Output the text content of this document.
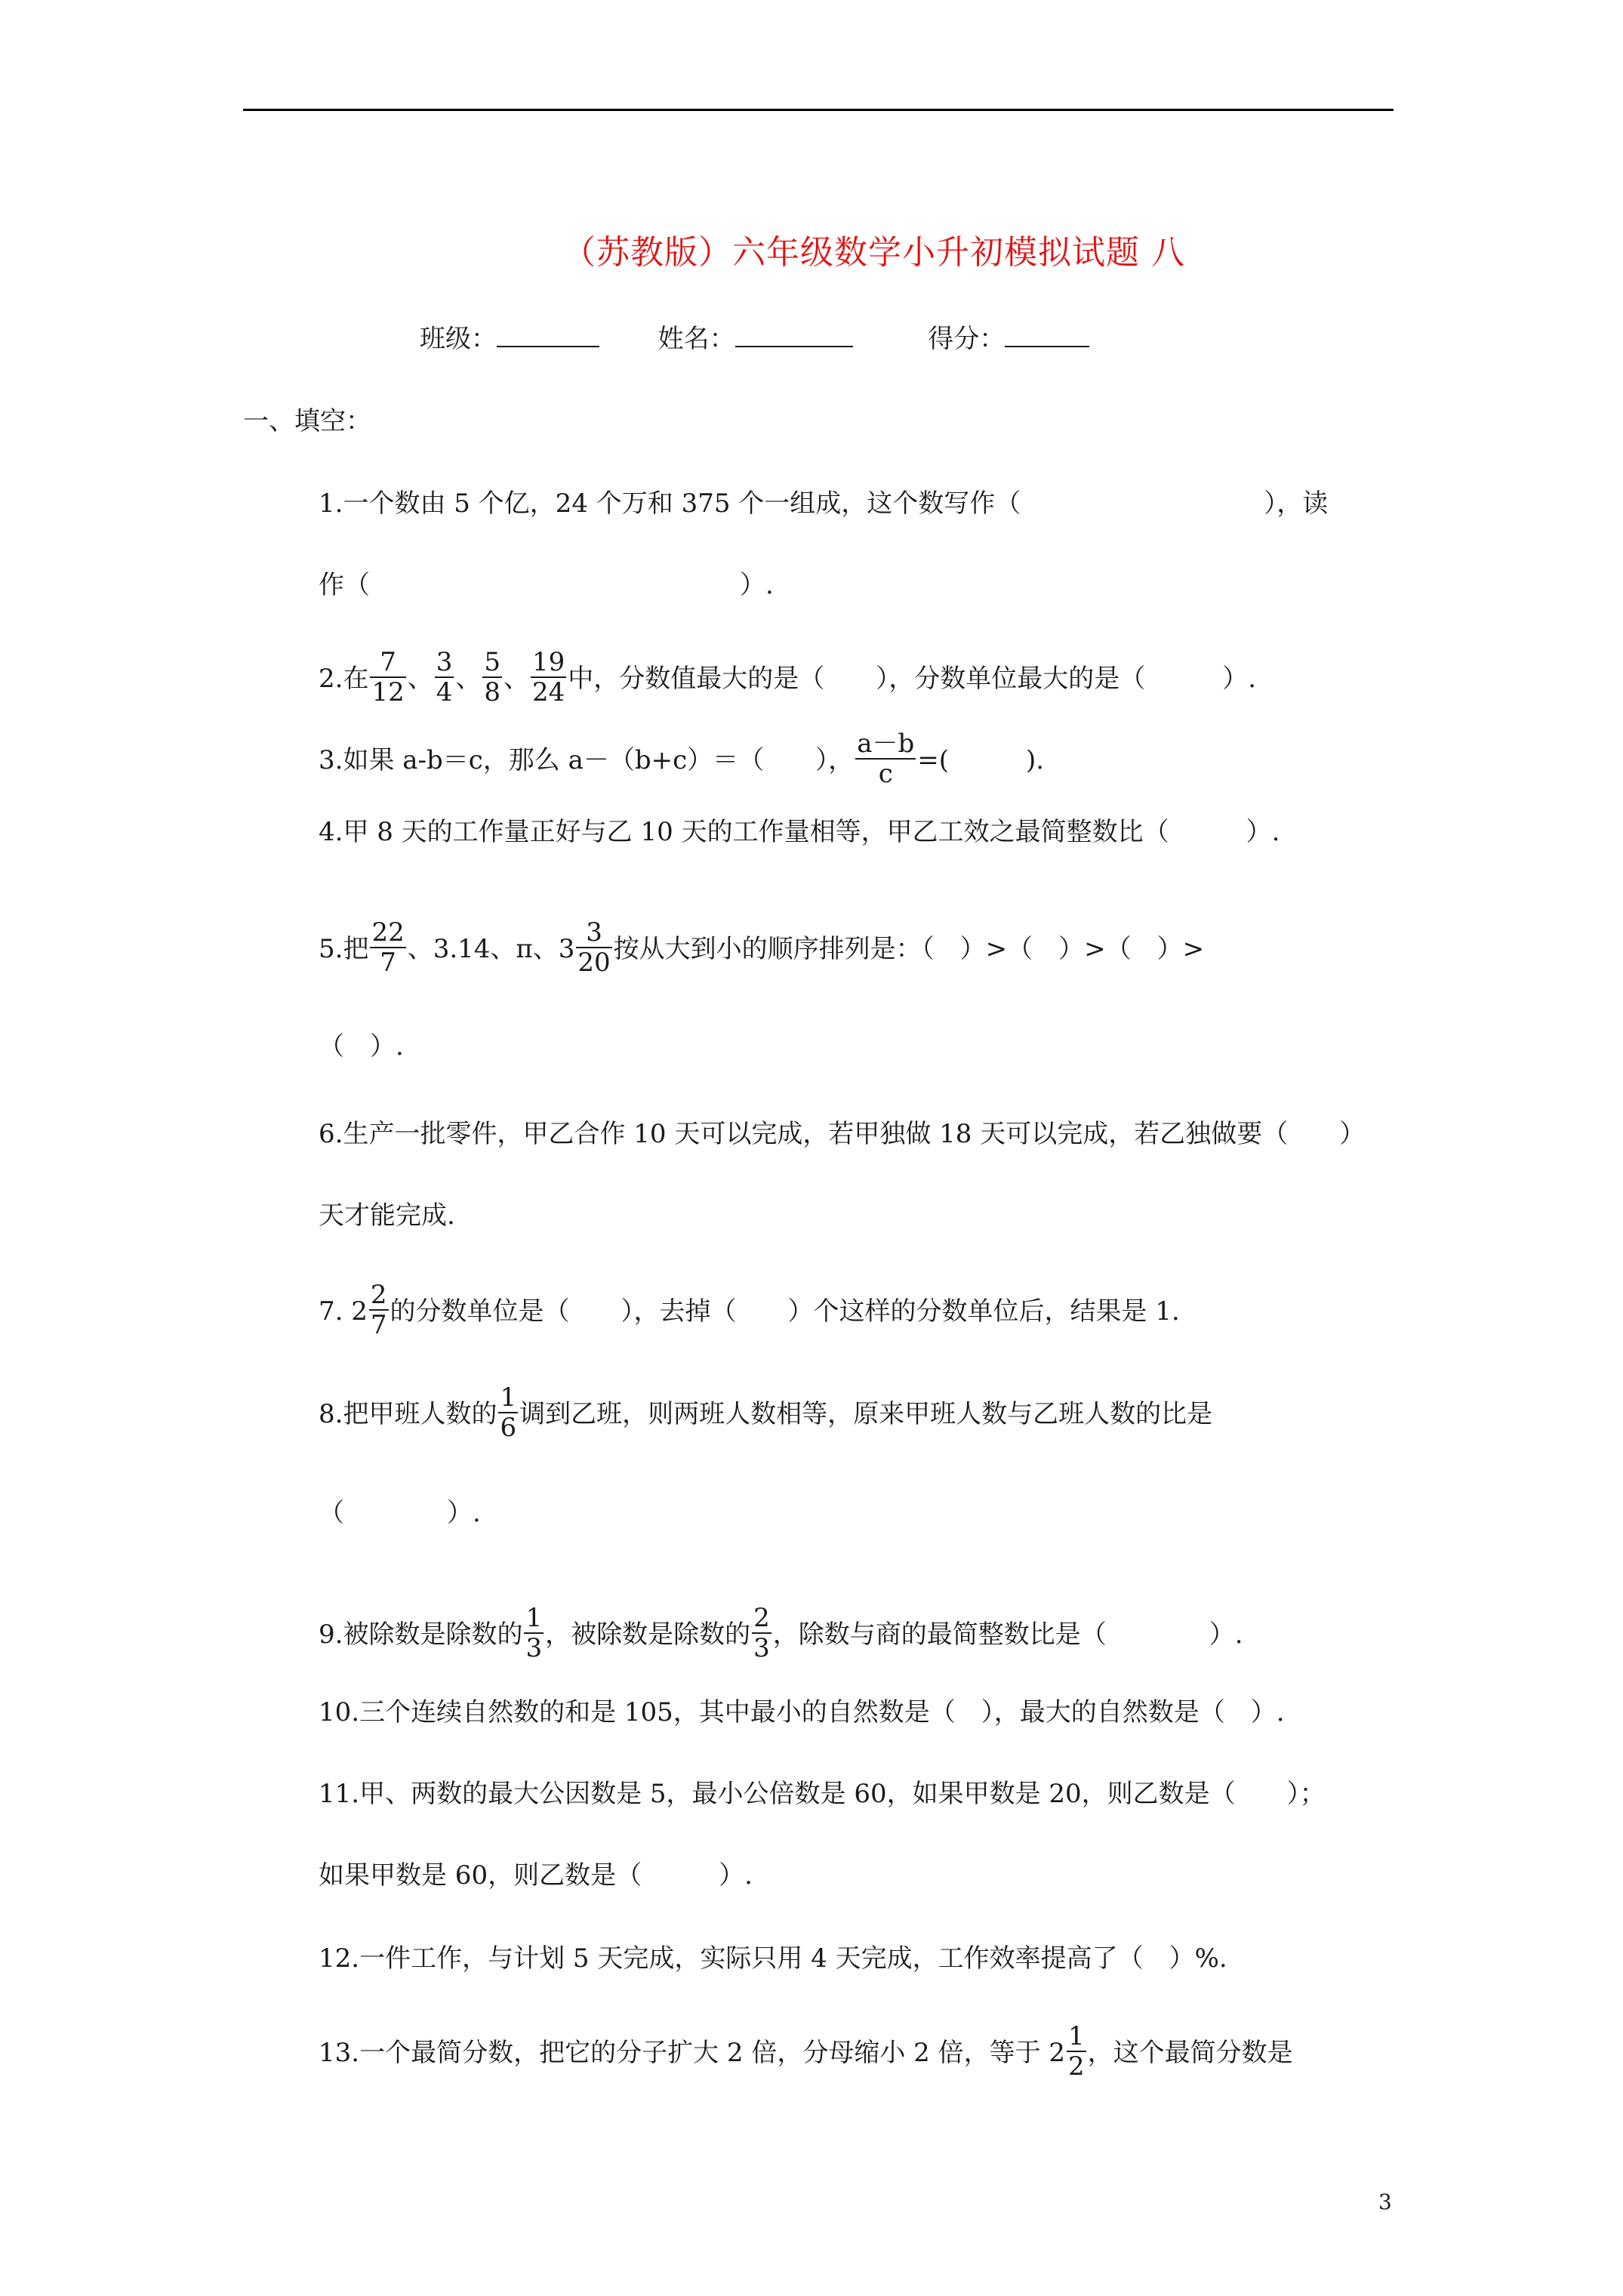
（苏教版）六年级数学小升初模拟试题 八
班级：	姓名：	得分：
一、填空：
1.一个数由 5 个亿，24 个万和 375 个一组成，这个数写作（	），读
作（	）.
2.在 $\frac{7}{12}$ 、 $\frac{3}{4}$ 、 $\frac{5}{8}$ 、 $\frac{19}{24}$ 中，分数值最大的是（　　），分数单位最大的是（　　　）.
3.如果 a-b＝c，那么 a－（b+c）＝（　　）， $\frac{a-b}{c}$ =(　　　).
4.甲 8 天的工作量正好与乙 10 天的工作量相等，甲乙工效之最简整数比（　　　）.
5.把 $\frac{22}{7}$ 、3.14、π、$3 \frac{3}{20}$ 按从大到小的顺序排列是：（　）>（　）>（　）>
（　）.
6.生产一批零件，甲乙合作 10 天可以完成，若甲独做 18 天可以完成，若乙独做要（　　）
天才能完成.
7. $2 \frac{2}{7}$ 的分数单位是（　　），去掉（　　）个这样的分数单位后，结果是 1.
8.把甲班人数的 $\frac{1}{6}$ 调到乙班，则两班人数相等，原来甲班人数与乙班人数的比是
（　　　　）.
9.被除数是除数的 $\frac{1}{3}$ ，被除数是除数的 $\frac{2}{3}$ ，除数与商的最简整数比是（　　　　）.
10.三个连续自然数的和是 105，其中最小的自然数是（　），最大的自然数是（　）.
11.甲、两数的最大公因数是 5，最小公倍数是 60，如果甲数是 20，则乙数是（　　）；
如果甲数是 60，则乙数是（　　　）.
12.一件工作，与计划 5 天完成，实际只用 4 天完成，工作效率提高了（　）%.
13.一个最简分数，把它的分子扩大 2 倍，分母缩小 2 倍，等于 $2 \frac{1}{2}$ ，这个最简分数是
3
